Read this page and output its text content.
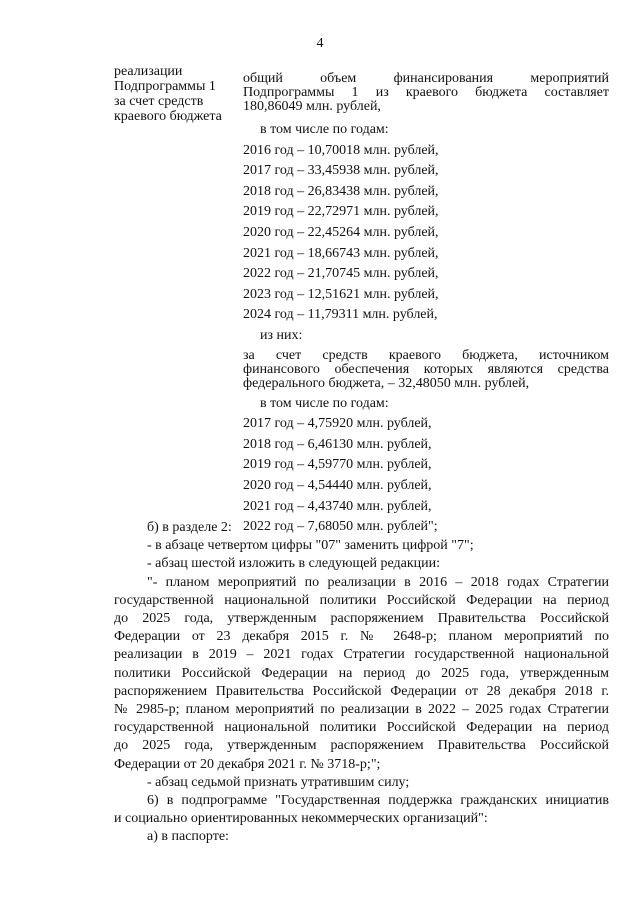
4
реализации
Подпрограммы 1
за счет средств
краевого бюджета

общий объем финансирования мероприятий

Подпрограммы 1 из краевого бюджета составляет

180,86049 млн. рублей,

в том числе по годам:

2016 год – 10,70018 млн. рублей,

2017 год – 33,45938 млн. рублей,

2018 год – 26,83438 млн. рублей,

2019 год – 22,72971 млн. рублей,

2020 год – 22,45264 млн. рублей,

2021 год – 18,66743 млн. рублей,

2022 год – 21,70745 млн. рублей,

2023 год – 12,51621 млн. рублей,

2024 год – 11,79311 млн. рублей,

из них:

за счет средств краевого бюджета, источником

финансового обеспечения которых являются средства

федерального бюджета, – 32,48050 млн. рублей,

в том числе по годам:

2017 год – 4,75920 млн. рублей,

2018 год – 6,46130 млн. рублей,

2019 год – 4,59770 млн. рублей,

2020 год – 4,54440 млн. рублей,

2021 год – 4,43740 млн. рублей,

2022 год – 7,68050 млн. рублей";

б) в разделе 2:

- в абзаце четвертом цифры "07" заменить цифрой "7";

- абзац шестой изложить в следующей редакции:

"- планом мероприятий по реализации в 2016 – 2018 годах Стратегии

государственной национальной политики Российской Федерации на период

до 2025 года, утвержденным распоряжением Правительства Российской

Федерации от 23 декабря 2015 г. № 2648-р; планом мероприятий по

реализации в 2019 – 2021 годах Стратегии государственной национальной

политики Российской Федерации на период до 2025 года, утвержденным

распоряжением Правительства Российской Федерации от 28 декабря 2018 г.

№ 2985-р; планом мероприятий по реализации в 2022 – 2025 годах Стратегии

государственной национальной политики Российской Федерации на период

до 2025 года, утвержденным распоряжением Правительства Российской

Федерации от 20 декабря 2021 г. № 3718-р;";

- абзац седьмой признать утратившим силу;

6) в подпрограмме "Государственная поддержка гражданских инициатив

и социально ориентированных некоммерческих организаций":

а) в паспорте:
